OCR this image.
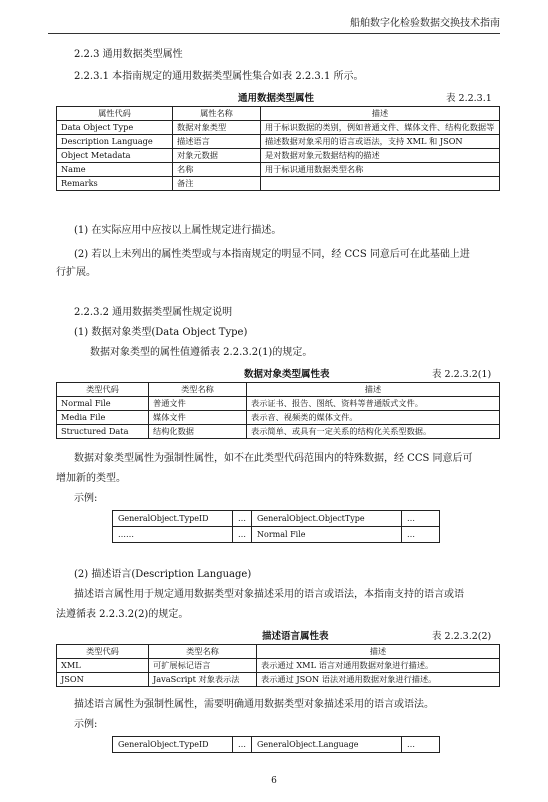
船舶数字化检验数据交换技术指南
2.2.3 通用数据类型属性
2.2.3.1 本指南规定的通用数据类型属性集合如表 2.2.3.1 所示。
通用数据类型属性	表 2.2.3.1
属性代码	属性名称	描述
Data Object Type	数据对象类型	用于标识数据的类别，例如普通文件、媒体文件、结构化数据等
Description Language	描述语言	描述数据对象采用的语言或语法，支持 XML 和 JSON
Object Metadata	对象元数据	是对数据对象元数据结构的描述
Name	名称	用于标识通用数据类型名称
Remarks	备注	
(1) 在实际应用中应按以上属性规定进行描述。
(2) 若以上未列出的属性类型或与本指南规定的明显不同，经 CCS 同意后可在此基础上进
行扩展。
2.2.3.2 通用数据类型属性规定说明
(1) 数据对象类型(Data Object Type)
数据对象类型的属性值遵循表 2.2.3.2(1)的规定。
数据对象类型属性表	表 2.2.3.2(1)
类型代码	类型名称	描述
Normal File	普通文件	表示证书、报告、图纸、资料等普通版式文件。
Media File	媒体文件	表示音、视频类的媒体文件。
Structured Data	结构化数据	表示简单、或具有一定关系的结构化关系型数据。
数据对象类型属性为强制性属性，如不在此类型代码范围内的特殊数据，经 CCS 同意后可
增加新的类型。
示例:
GeneralObject.TypeID	…	GeneralObject.ObjectType	…
……	…	Normal File	…
(2) 描述语言(Description Language)
描述语言属性用于规定通用数据类型对象描述采用的语言或语法，本指南支持的语言或语
法遵循表 2.2.3.2(2)的规定。
描述语言属性表	表 2.2.3.2(2)
类型代码	类型名称	描述
XML	可扩展标记语言	表示通过 XML 语言对通用数据对象进行描述。
JSON	JavaScript 对象表示法	表示通过 JSON 语法对通用数据对象进行描述。
描述语言属性为强制性属性，需要明确通用数据类型对象描述采用的语言或语法。
示例:
GeneralObject.TypeID	…	GeneralObject.Language	…
6
